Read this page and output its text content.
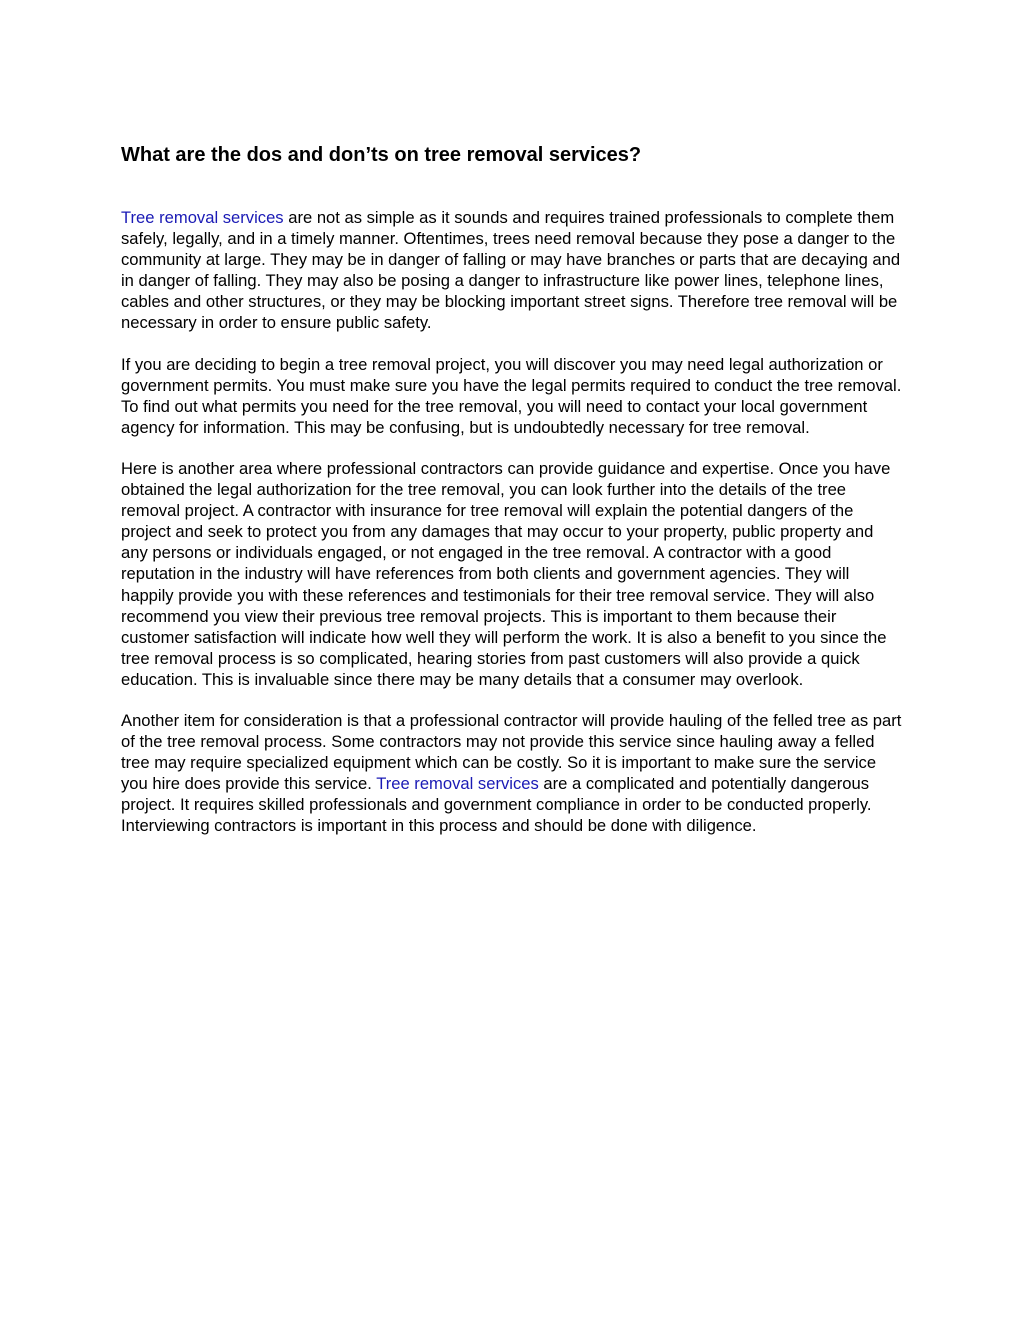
What are the dos and don’ts on tree removal services?

Tree removal services are not as simple as it sounds and requires trained professionals to complete them safely, legally, and in a timely manner. Oftentimes, trees need removal because they pose a danger to the community at large. They may be in danger of falling or may have branches or parts that are decaying and in danger of falling. They may also be posing a danger to infrastructure like power lines, telephone lines, cables and other structures, or they may be blocking important street signs. Therefore tree removal will be necessary in order to ensure public safety.

If you are deciding to begin a tree removal project, you will discover you may need legal authorization or government permits. You must make sure you have the legal permits required to conduct the tree removal. To find out what permits you need for the tree removal, you will need to contact your local government agency for information. This may be confusing, but is undoubtedly necessary for tree removal.

Here is another area where professional contractors can provide guidance and expertise. Once you have obtained the legal authorization for the tree removal, you can look further into the details of the tree removal project. A contractor with insurance for tree removal will explain the potential dangers of the project and seek to protect you from any damages that may occur to your property, public property and any persons or individuals engaged, or not engaged in the tree removal. A contractor with a good reputation in the industry will have references from both clients and government agencies. They will happily provide you with these references and testimonials for their tree removal service. They will also recommend you view their previous tree removal projects. This is important to them because their customer satisfaction will indicate how well they will perform the work. It is also a benefit to you since the tree removal process is so complicated, hearing stories from past customers will also provide a quick education. This is invaluable since there may be many details that a consumer may overlook.

Another item for consideration is that a professional contractor will provide hauling of the felled tree as part of the tree removal process. Some contractors may not provide this service since hauling away a felled tree may require specialized equipment which can be costly. So it is important to make sure the service you hire does provide this service. Tree removal services are a complicated and potentially dangerous project. It requires skilled professionals and government compliance in order to be conducted properly. Interviewing contractors is important in this process and should be done with diligence.
